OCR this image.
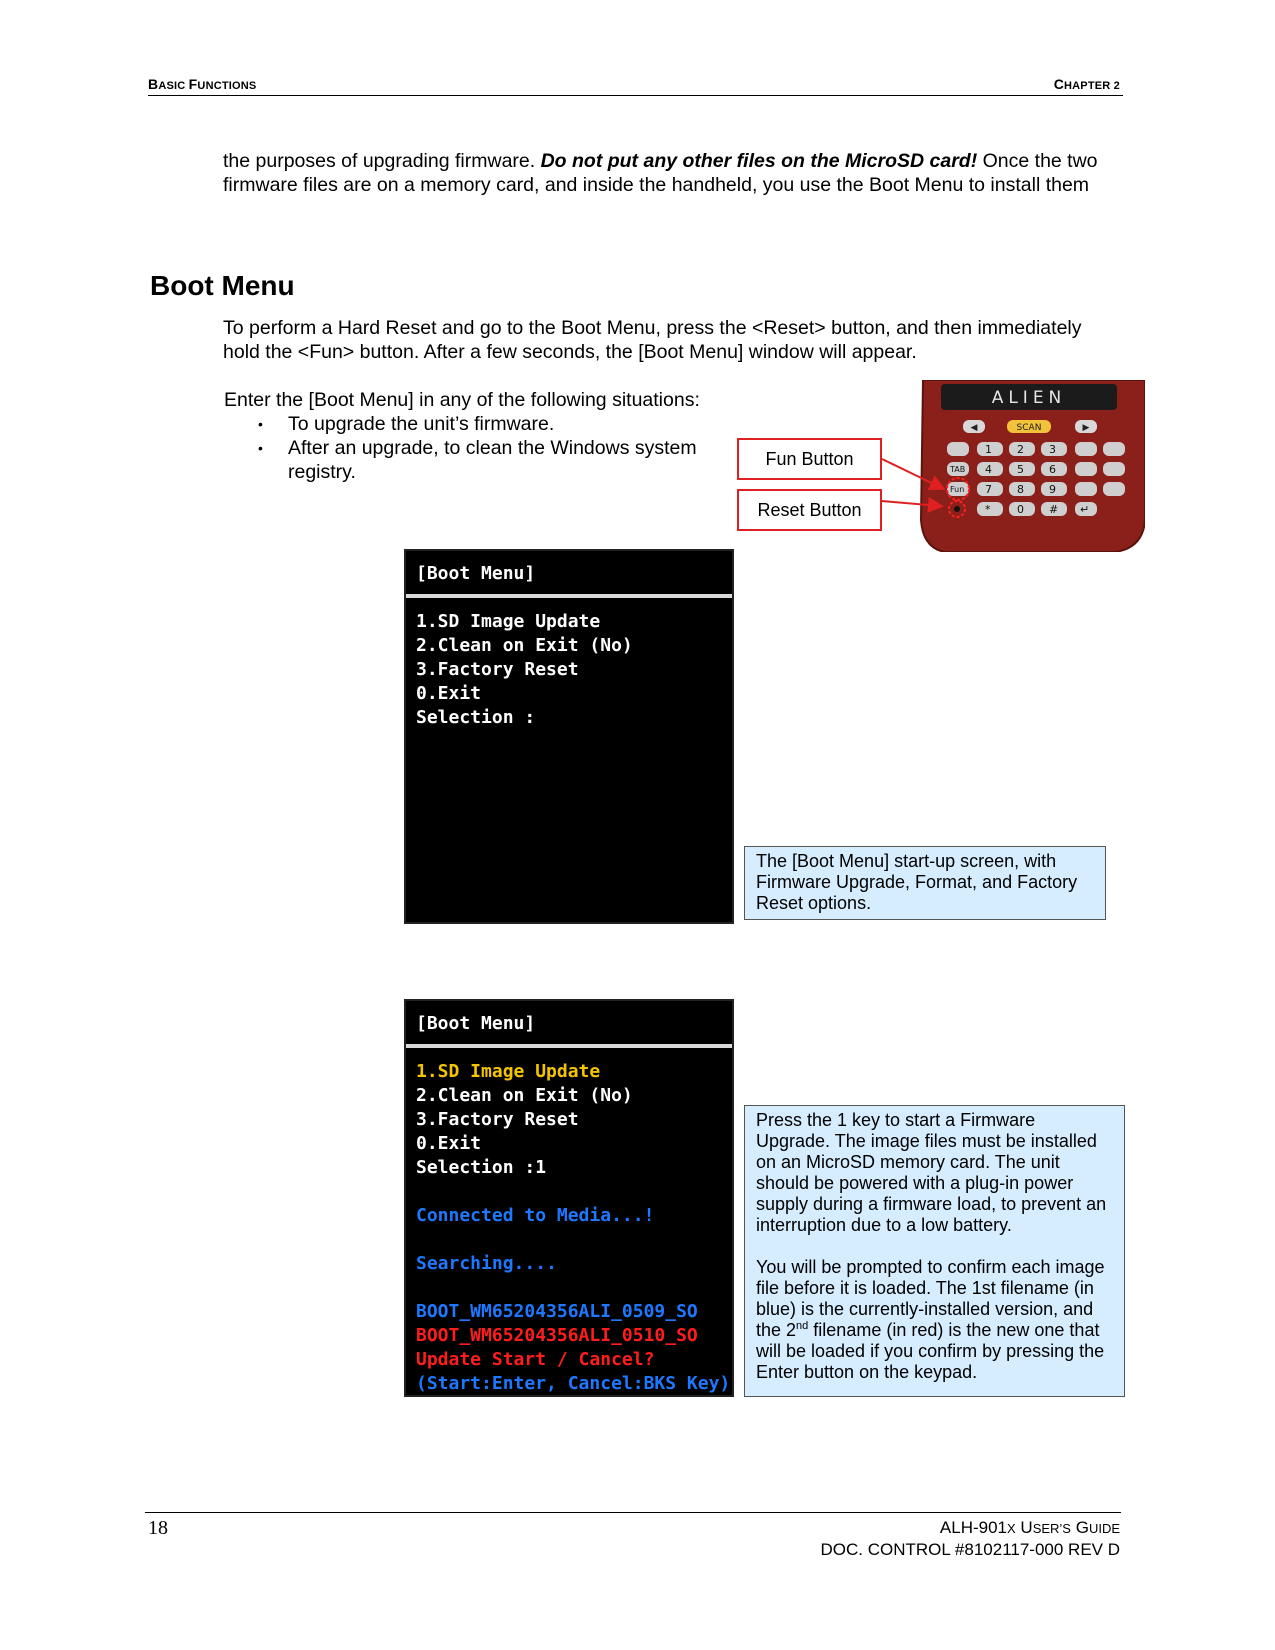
BASIC FUNCTIONS	CHAPTER 2
the purposes of upgrading firmware. Do not put any other files on the MicroSD card! Once the two firmware files are on a memory card, and inside the handheld, you use the Boot Menu to install them
Boot Menu
To perform a Hard Reset and go to the Boot Menu, press the <Reset> button, and then immediately hold the <Fun> button. After a few seconds, the [Boot Menu] window will appear.
Enter the [Boot Menu] in any of the following situations:
• To upgrade the unit’s firmware.
• After an upgrade, to clean the Windows system registry.
Fun Button
Reset Button
ALIEN
◀	SCAN	▶
1 2 3
TAB 4 5 6
Fun 7 8 9
* 0 # ↵
[Boot Menu]
1.SD Image Update
2.Clean on Exit (No)
3.Factory Reset
0.Exit
Selection :
The [Boot Menu] start-up screen, with Firmware Upgrade, Format, and Factory Reset options.
[Boot Menu]
1.SD Image Update
2.Clean on Exit (No)
3.Factory Reset
0.Exit
Selection :1
Connected to Media...!
Searching....
BOOT_WM65204356ALI_0509_SO
BOOT_WM65204356ALI_0510_SO
Update Start / Cancel?
(Start:Enter, Cancel:BKS Key)
Press the 1 key to start a Firmware Upgrade. The image files must be installed on an MicroSD memory card. The unit should be powered with a plug-in power supply during a firmware load, to prevent an interruption due to a low battery.
You will be prompted to confirm each image file before it is loaded. The 1st filename (in blue) is the currently-installed version, and the 2nd filename (in red) is the new one that will be loaded if you confirm by pressing the Enter button on the keypad.
18	ALH-901X USER’S GUIDE
DOC. CONTROL #8102117-000 REV D
